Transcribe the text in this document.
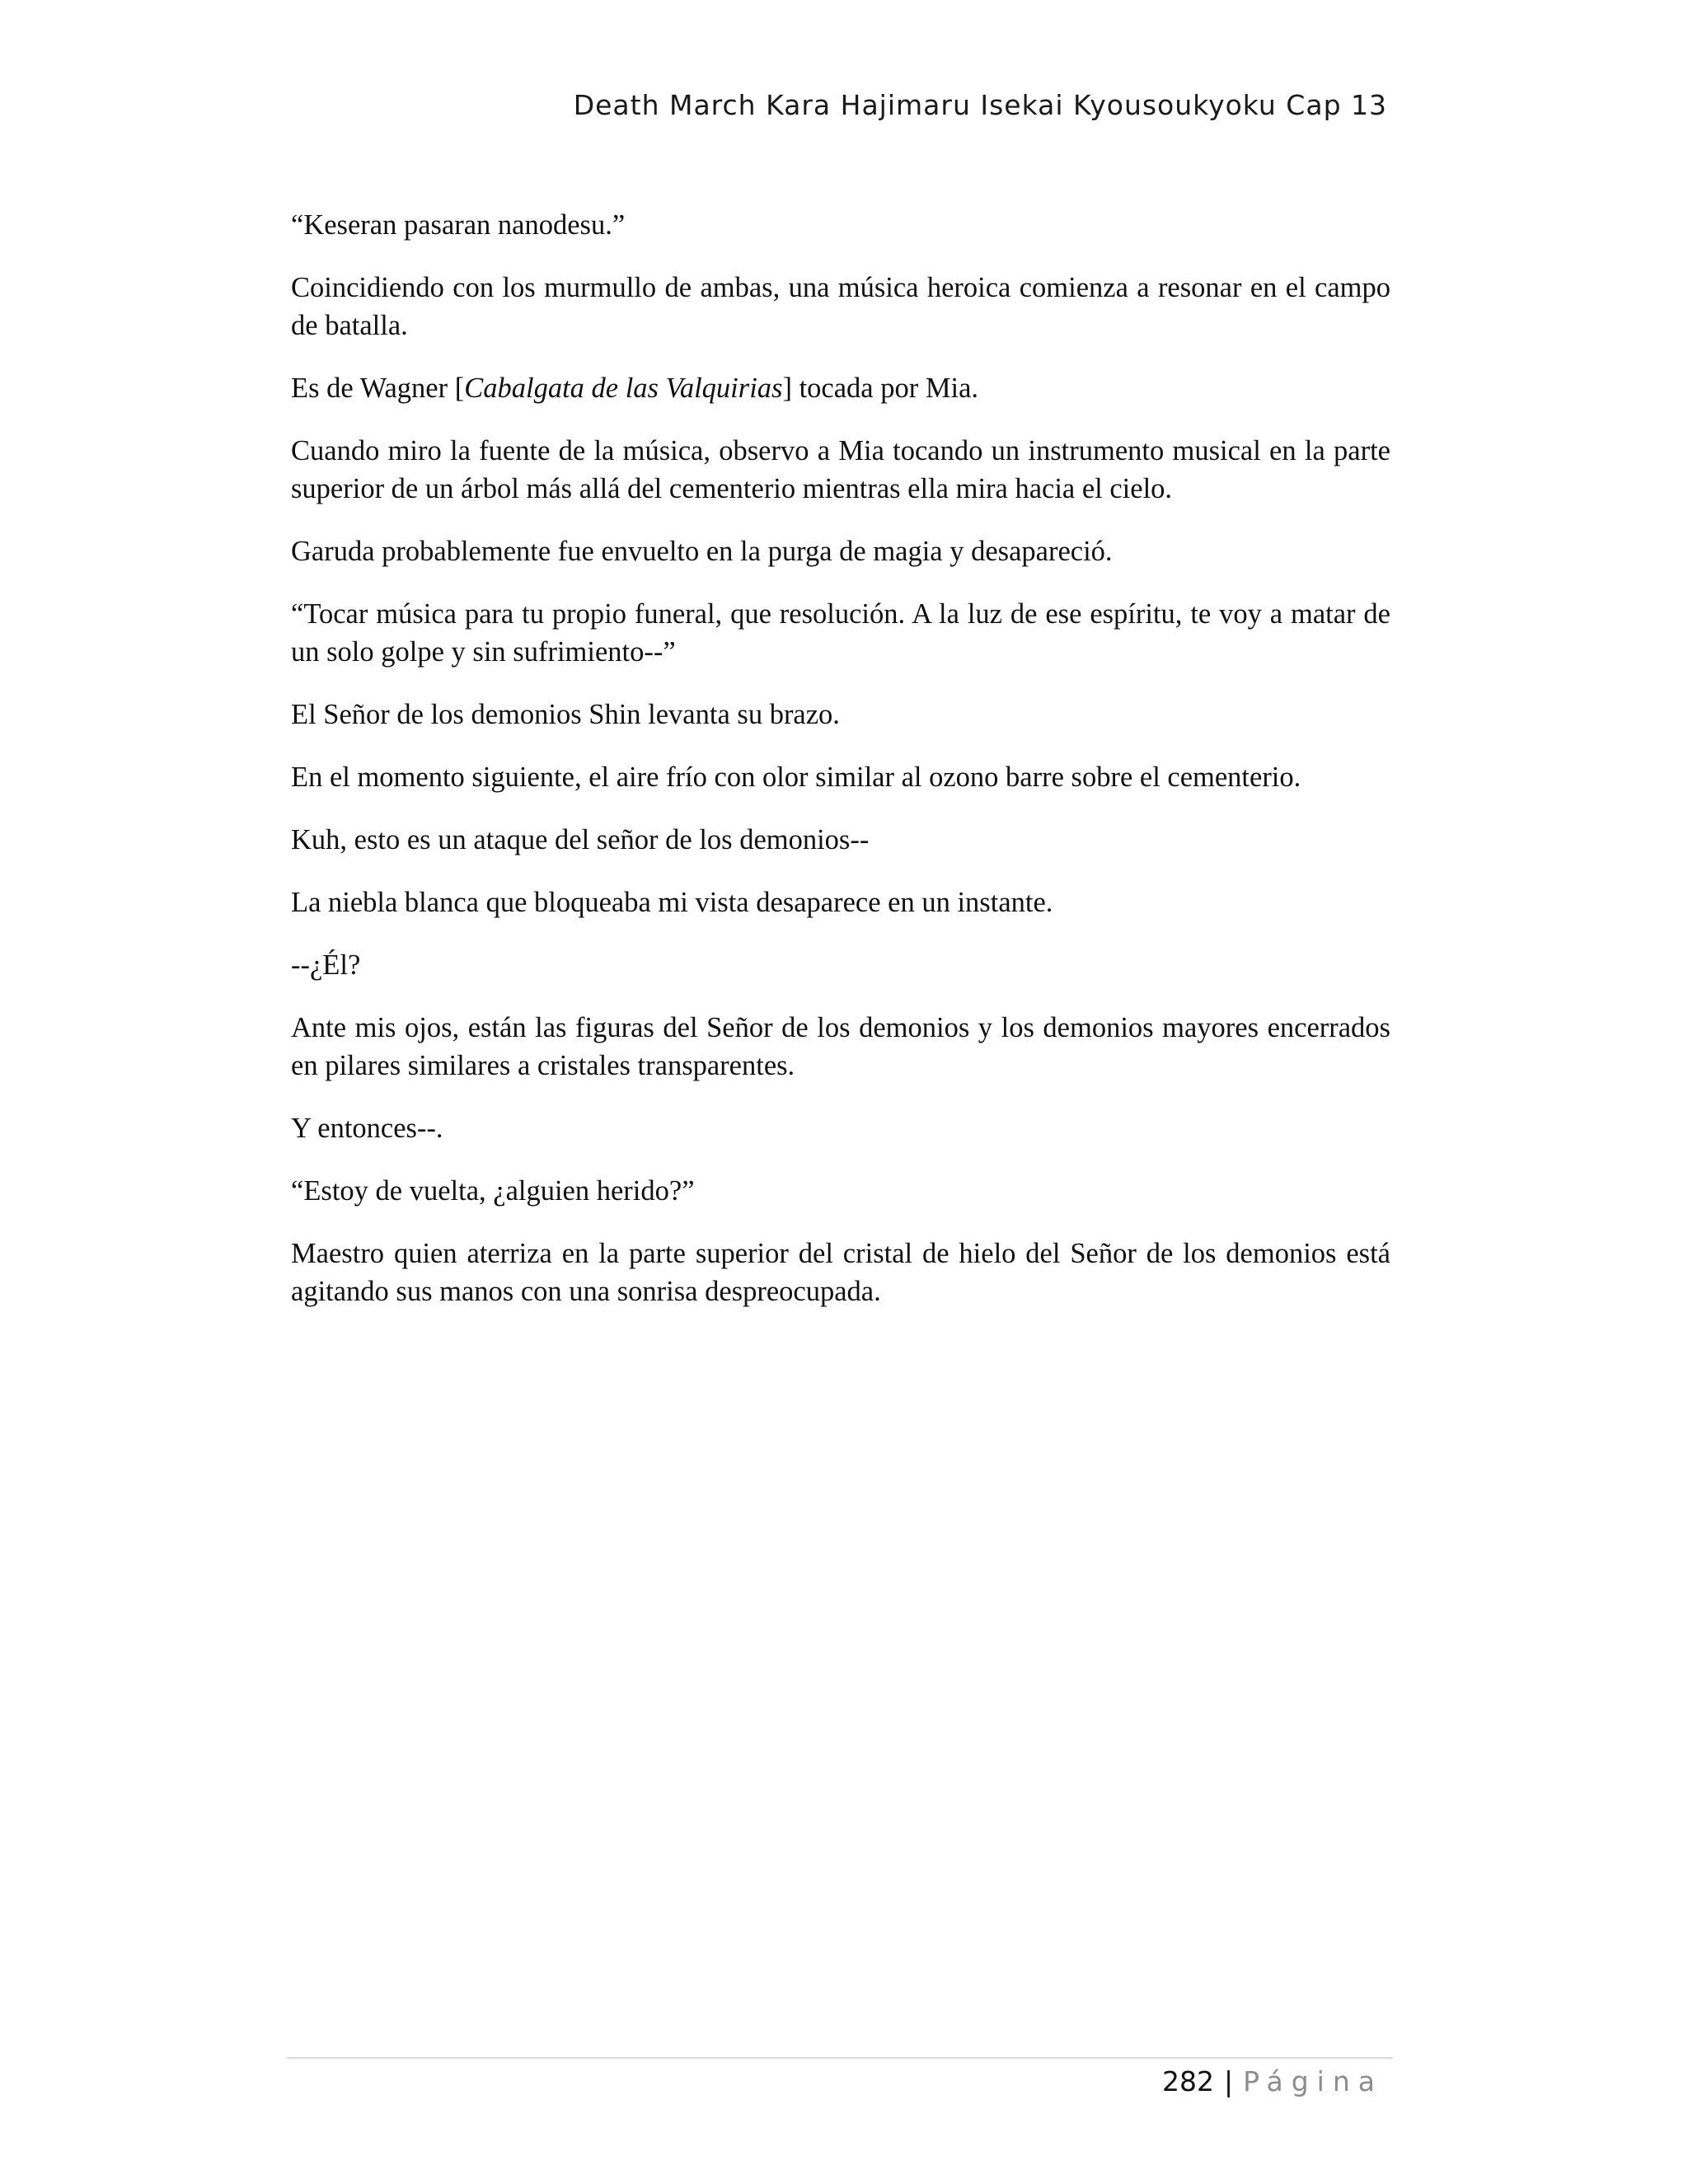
Death March Kara Hajimaru Isekai Kyousoukyoku Cap 13

“Keseran pasaran nanodesu.”

Coincidiendo con los murmullo de ambas, una música heroica comienza a resonar en el campo de batalla.

Es de Wagner [Cabalgata de las Valquirias] tocada por Mia.

Cuando miro la fuente de la música, observo a Mia tocando un instrumento musical en la parte superior de un árbol más allá del cementerio mientras ella mira hacia el cielo.

Garuda probablemente fue envuelto en la purga de magia y desapareció.

“Tocar música para tu propio funeral, que resolución. A la luz de ese espíritu, te voy a matar de un solo golpe y sin sufrimiento--”

El Señor de los demonios Shin levanta su brazo.

En el momento siguiente, el aire frío con olor similar al ozono barre sobre el cementerio.

Kuh, esto es un ataque del señor de los demonios--

La niebla blanca que bloqueaba mi vista desaparece en un instante.

--¿Él?

Ante mis ojos, están las figuras del Señor de los demonios y los demonios mayores encerrados en pilares similares a cristales transparentes.

Y entonces--.

“Estoy de vuelta, ¿alguien herido?”

Maestro quien aterriza en la parte superior del cristal de hielo del Señor de los demonios está agitando sus manos con una sonrisa despreocupada.

282 | Página
